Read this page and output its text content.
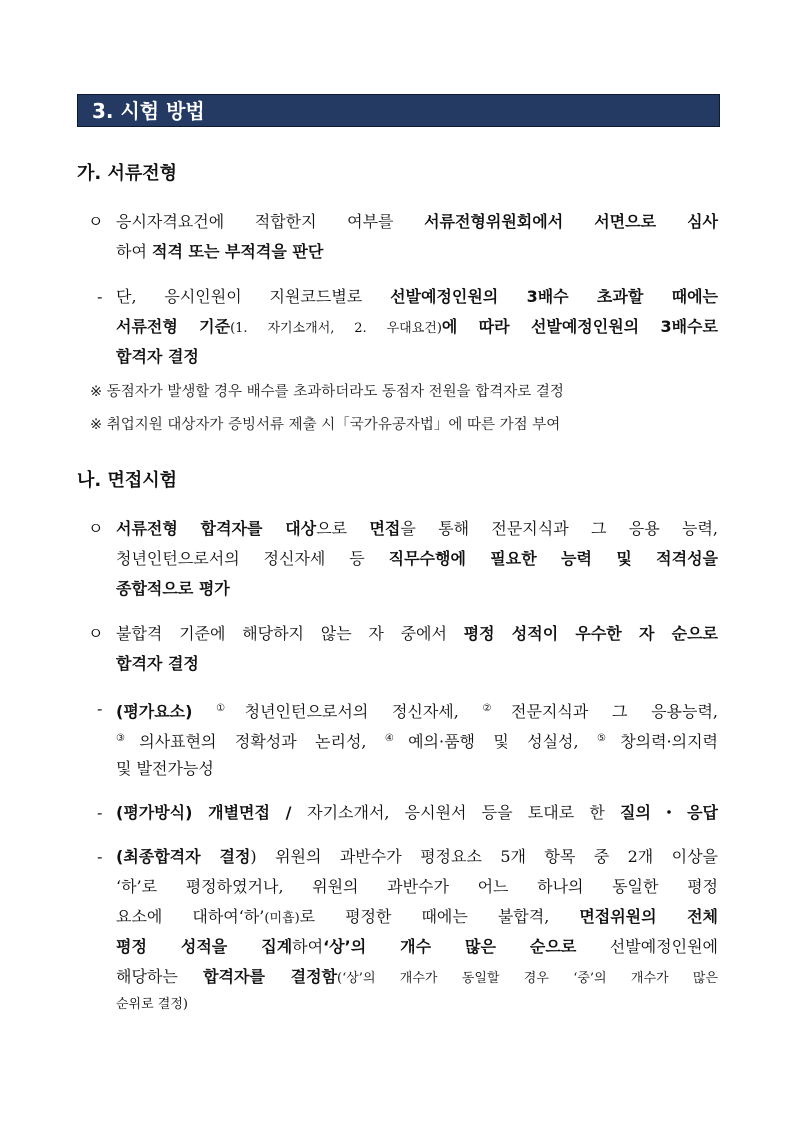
3. 시험 방법
가. 서류전형
ㅇ 응시자격요건에 적합한지 여부를 서류전형위원회에서 서면으로 심사
하여 적격 또는 부적격을 판단
- 단, 응시인원이 지원코드별로 선발예정인원의 3배수 초과할 때에는
서류전형 기준(1. 자기소개서, 2. 우대요건)에 따라 선발예정인원의 3배수로
합격자 결정
※ 동점자가 발생할 경우 배수를 초과하더라도 동점자 전원을 합격자로 결정
※ 취업지원 대상자가 증빙서류 제출 시「국가유공자법」에 따른 가점 부여
나. 면접시험
ㅇ 서류전형 합격자를 대상으로 면접을 통해 전문지식과 그 응용 능력,
청년인턴으로서의 정신자세 등 직무수행에 필요한 능력 및 적격성을
종합적으로 평가
ㅇ 불합격 기준에 해당하지 않는 자 중에서 평정 성적이 우수한 자 순으로
합격자 결정
- (평가요소) ①청년인턴으로서의 정신자세, ②전문지식과 그 응용능력,
③의사표현의 정확성과 논리성, ④예의·품행 및 성실성, ⑤창의력·의지력
및 발전가능성
- (평가방식) 개별면접 / 자기소개서, 응시원서 등을 토대로 한 질의・응답
- (최종합격자 결정) 위원의 과반수가 평정요소 5개 항목 중 2개 이상을
‘하’로 평정하였거나, 위원의 과반수가 어느 하나의 동일한 평정
요소에 대하여‘하’(미흡)로 평정한 때에는 불합격, 면접위원의 전체
평정 성적을 집계하여‘상’의 개수 많은 순으로 선발예정인원에
해당하는 합격자를 결정함(‘상’의 개수가 동일할 경우 ‘중’의 개수가 많은
순위로 결정)
